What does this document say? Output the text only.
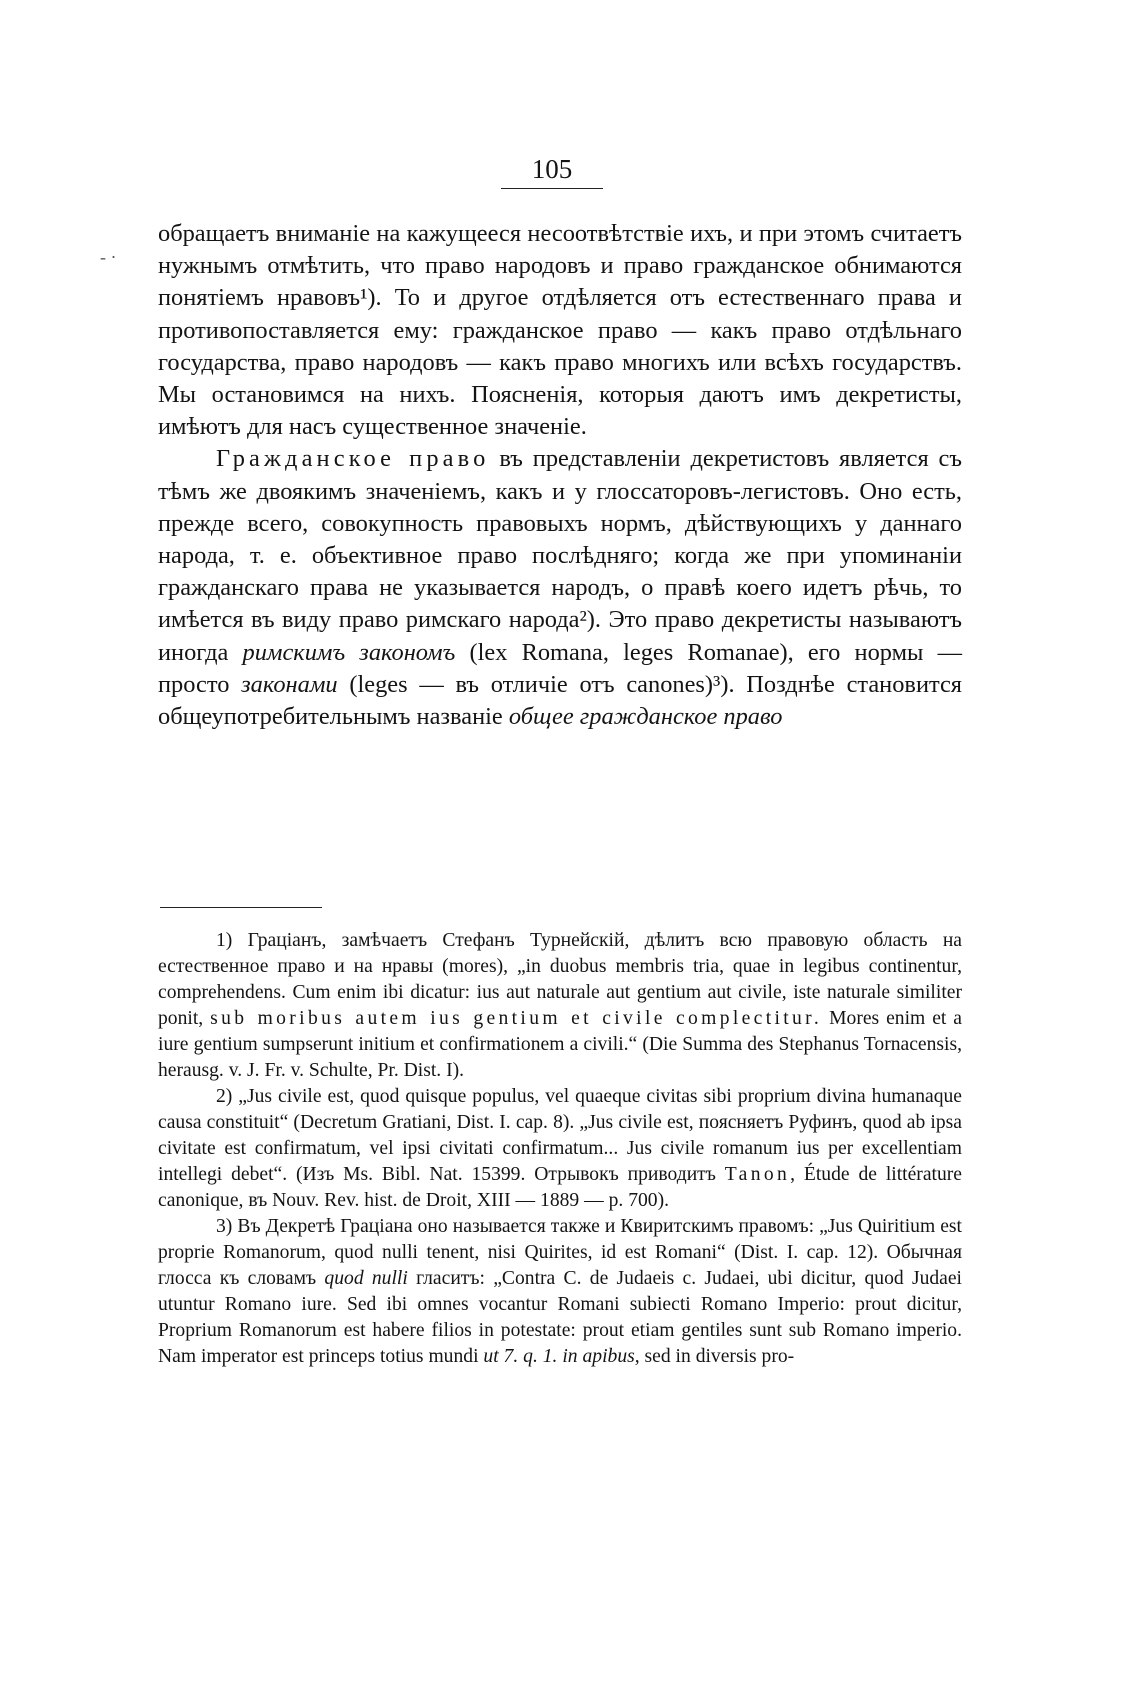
105
- ·

обращаетъ вниманіе на кажущееся несоотвѣтствіе ихъ, и при этомъ считаетъ нужнымъ отмѣтить, что право народовъ и право гражданское обнимаются понятіемъ нравовъ¹). То и другое отдѣляется отъ естественнаго права и противопоставляется ему: гражданское право — какъ право отдѣльнаго государства, право народовъ — какъ право многихъ или всѣхъ государствъ. Мы остановимся на нихъ. Поясненія, которыя даютъ имъ декретисты, имѣютъ для насъ существенное значеніе.

Гражданское право въ представленіи декретистовъ является съ тѣмъ же двоякимъ значеніемъ, какъ и у глоссаторовъ-легистовъ. Оно есть, прежде всего, совокупность правовыхъ нормъ, дѣйствующихъ у даннаго народа, т. е. объективное право послѣдняго; когда же при упоминаніи гражданскаго права не указывается народъ, о правѣ коего идетъ рѣчь, то имѣется въ виду право римскаго народа²). Это право декретисты называютъ иногда римскимъ закономъ (lex Romana, leges Romanae), его нормы — просто законами (leges — въ отличіе отъ canones)³). Позднѣе становится общеупотребительнымъ названіе общее гражданское право

1) Граціанъ, замѣчаетъ Стефанъ Турнейскій, дѣлитъ всю правовую область на естественное право и на нравы (mores), „in duobus membris tria, quae in legibus continentur, comprehendens. Cum enim ibi dicatur: ius aut naturale aut gentium aut civile, iste naturale similiter ponit, sub moribus autem ius gentium et civile complectitur. Mores enim et a iure gentium sumpserunt initium et confirmationem a civili.“ (Die Summa des Stephanus Tornacensis, herausg. v. J. Fr. v. Schulte, Pr. Dist. I).

2) „Jus civile est, quod quisque populus, vel quaeque civitas sibi proprium divina humanaque causa constituit“ (Decretum Gratiani, Dist. I. cap. 8). „Jus civile est, поясняетъ Руфинъ, quod ab ipsa civitate est confirmatum, vel ipsi civitati confirmatum... Jus civile romanum ius per excellentiam intellegi debet“. (Изъ Ms. Bibl. Nat. 15399. Отрывокъ приводитъ Tanon, Étude de littérature canonique, въ Nouv. Rev. hist. de Droit, XIII — 1889 — p. 700).

3) Въ Декретѣ Граціана оно называется также и Квиритскимъ правомъ: „Jus Quiritium est proprie Romanorum, quod nulli tenent, nisi Quirites, id est Romani“ (Dist. I. cap. 12). Обычная глосса къ словамъ quod nulli гласитъ: „Contra C. de Judaeis c. Judaei, ubi dicitur, quod Judaei utuntur Romano iure. Sed ibi omnes vocantur Romani subiecti Romano Imperio: prout dicitur, Proprium Romanorum est habere filios in potestate: prout etiam gentiles sunt sub Romano imperio. Nam imperator est princeps totius mundi ut 7. q. 1. in apibus, sed in diversis pro-
